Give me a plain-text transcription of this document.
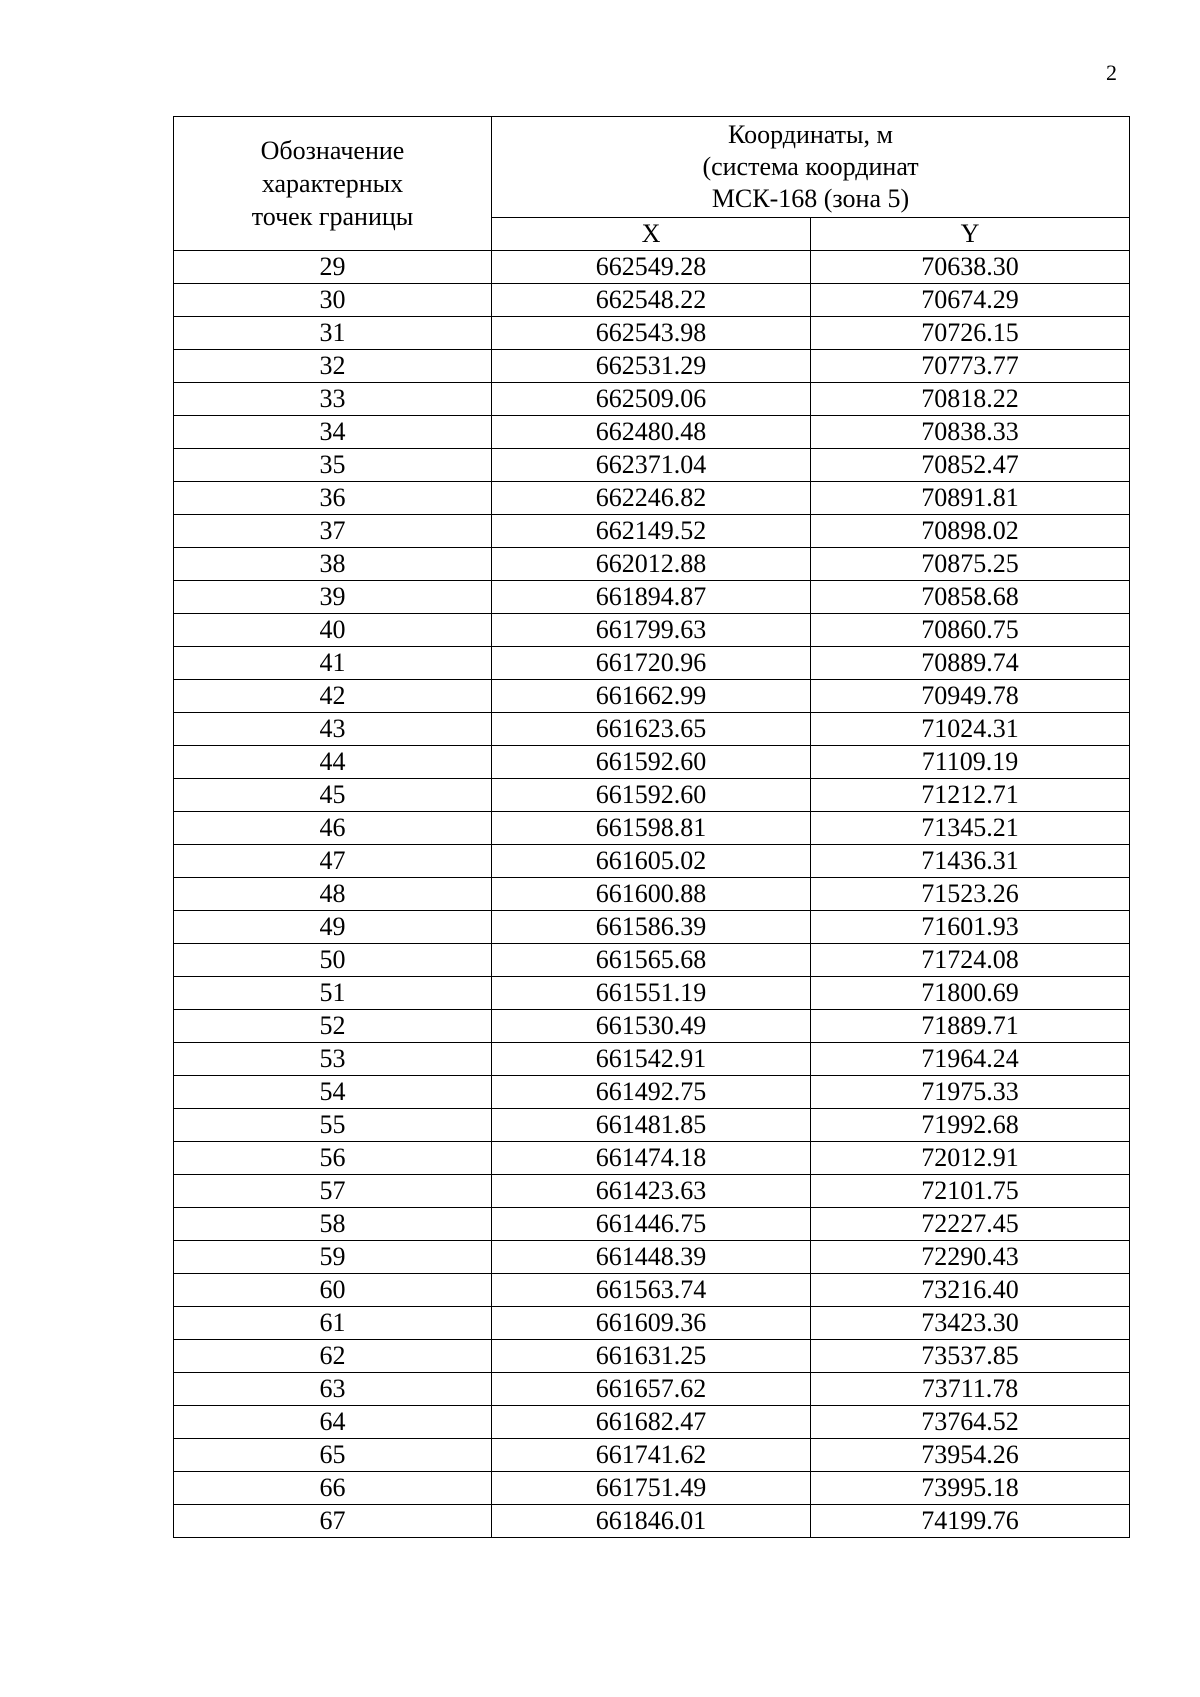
2
Обозначение
характерных
точек границы	Координаты, м
(система координат
МСК-168 (зона 5)	

	X	Y
29	662549.28	70638.30
30	662548.22	70674.29
31	662543.98	70726.15
32	662531.29	70773.77
33	662509.06	70818.22
34	662480.48	70838.33
35	662371.04	70852.47
36	662246.82	70891.81
37	662149.52	70898.02
38	662012.88	70875.25
39	661894.87	70858.68
40	661799.63	70860.75
41	661720.96	70889.74
42	661662.99	70949.78
43	661623.65	71024.31
44	661592.60	71109.19
45	661592.60	71212.71
46	661598.81	71345.21
47	661605.02	71436.31
48	661600.88	71523.26
49	661586.39	71601.93
50	661565.68	71724.08
51	661551.19	71800.69
52	661530.49	71889.71
53	661542.91	71964.24
54	661492.75	71975.33
55	661481.85	71992.68
56	661474.18	72012.91
57	661423.63	72101.75
58	661446.75	72227.45
59	661448.39	72290.43
60	661563.74	73216.40
61	661609.36	73423.30
62	661631.25	73537.85
63	661657.62	73711.78
64	661682.47	73764.52
65	661741.62	73954.26
66	661751.49	73995.18
67	661846.01	74199.76
